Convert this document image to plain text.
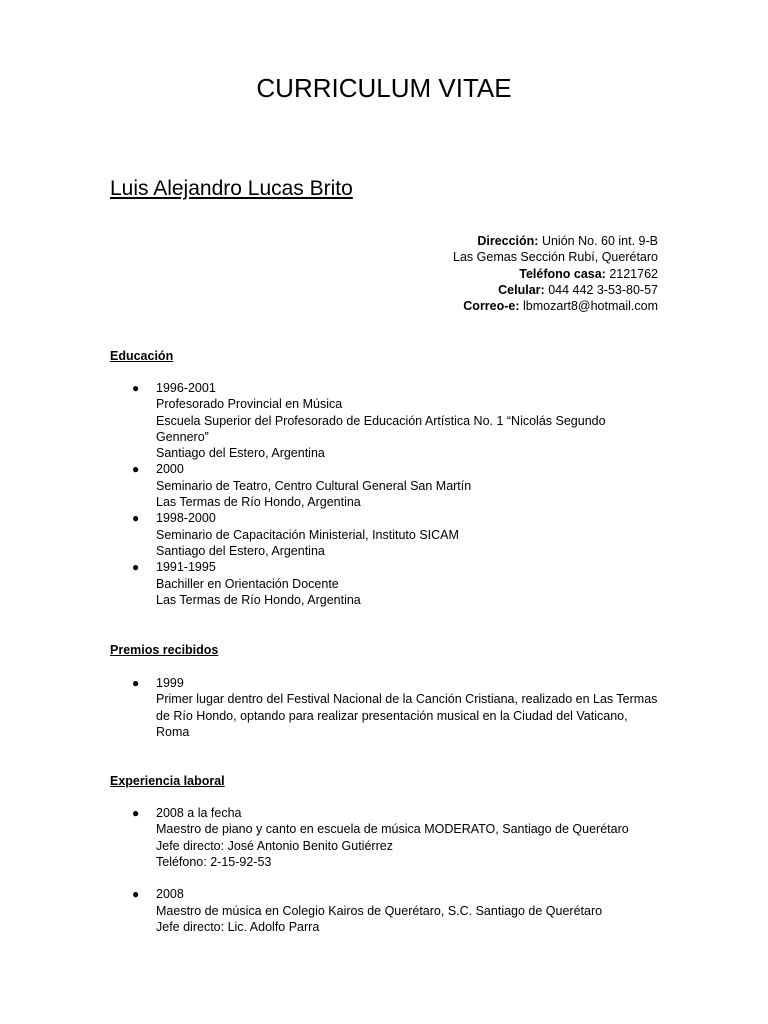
CURRICULUM VITAE
Luis Alejandro Lucas Brito
Dirección: Unión No. 60 int. 9-B
Las Gemas Sección Rubí, Querétaro
Teléfono casa: 2121762
Celular: 044 442 3-53-80-57
Correo-e: lbmozart8@hotmail.com
Educación
● 1996-2001
Profesorado Provincial en Música
Escuela Superior del Profesorado de Educación Artística No. 1 “Nicolás Segundo Gennero”
Santiago del Estero, Argentina
● 2000
Seminario de Teatro, Centro Cultural General San Martín
Las Termas de Río Hondo, Argentina
● 1998-2000
Seminario de Capacitación Ministerial, Instituto SICAM
Santiago del Estero, Argentina
● 1991-1995
Bachiller en Orientación Docente
Las Termas de Río Hondo, Argentina
Premios recibidos
● 1999
Primer lugar dentro del Festival Nacional de la Canción Cristiana, realizado en Las Termas de Río Hondo, optando para realizar presentación musical en la Ciudad del Vaticano, Roma
Experiencia laboral
● 2008 a la fecha
Maestro de piano y canto en escuela de música MODERATO, Santiago de Querétaro
Jefe directo: José Antonio Benito Gutiérrez
Teléfono: 2-15-92-53
● 2008
Maestro de música en Colegio Kairos de Querétaro, S.C. Santiago de Querétaro
Jefe directo: Lic. Adolfo Parra
